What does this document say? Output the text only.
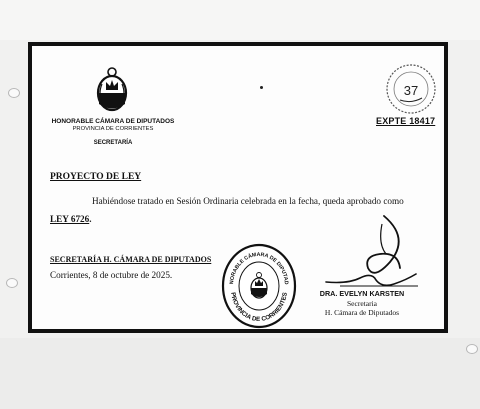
HONORABLE CÁMARA DE DIPUTADOS
PROVINCIA DE CORRIENTES
SECRETARÍA
37
EXPTE 18417
PROYECTO DE LEY
Habiéndose tratado en Sesión Ordinaria celebrada en la fecha, queda aprobado como
LEY 6726.
SECRETARÍA H. CÁMARA DE DIPUTADOS
Corrientes, 8 de octubre de 2025.
NORABLE CÁMARA DE DIPUTAD
PROVINCIA DE CORRIENTES	DRA. EVELYN KARSTEN
Secretaria
H. Cámara de Diputados
